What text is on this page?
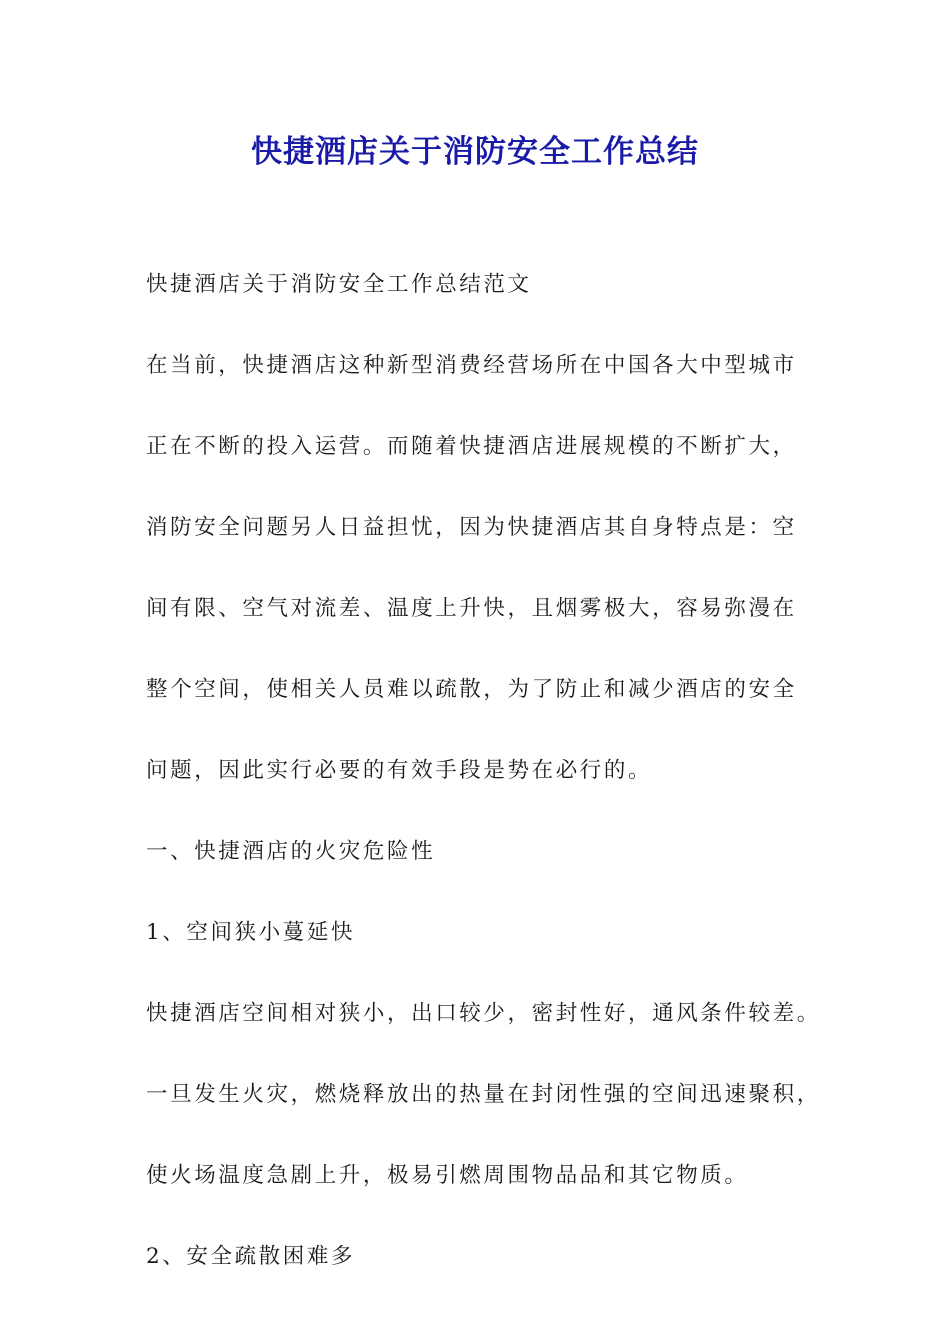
快捷酒店关于消防安全工作总结

快捷酒店关于消防安全工作总结范文

在当前，快捷酒店这种新型消费经营场所在中国各大中型城市
正在不断的投入运营。而随着快捷酒店进展规模的不断扩大，
消防安全问题另人日益担忧，因为快捷酒店其自身特点是：空
间有限、空气对流差、温度上升快，且烟雾极大，容易弥漫在
整个空间，使相关人员难以疏散，为了防止和减少酒店的安全
问题，因此实行必要的有效手段是势在必行的。

一、快捷酒店的火灾危险性

1、空间狭小蔓延快

快捷酒店空间相对狭小，出口较少，密封性好，通风条件较差。
一旦发生火灾，燃烧释放出的热量在封闭性强的空间迅速聚积，
使火场温度急剧上升，极易引燃周围物品品和其它物质。

2、安全疏散困难多
